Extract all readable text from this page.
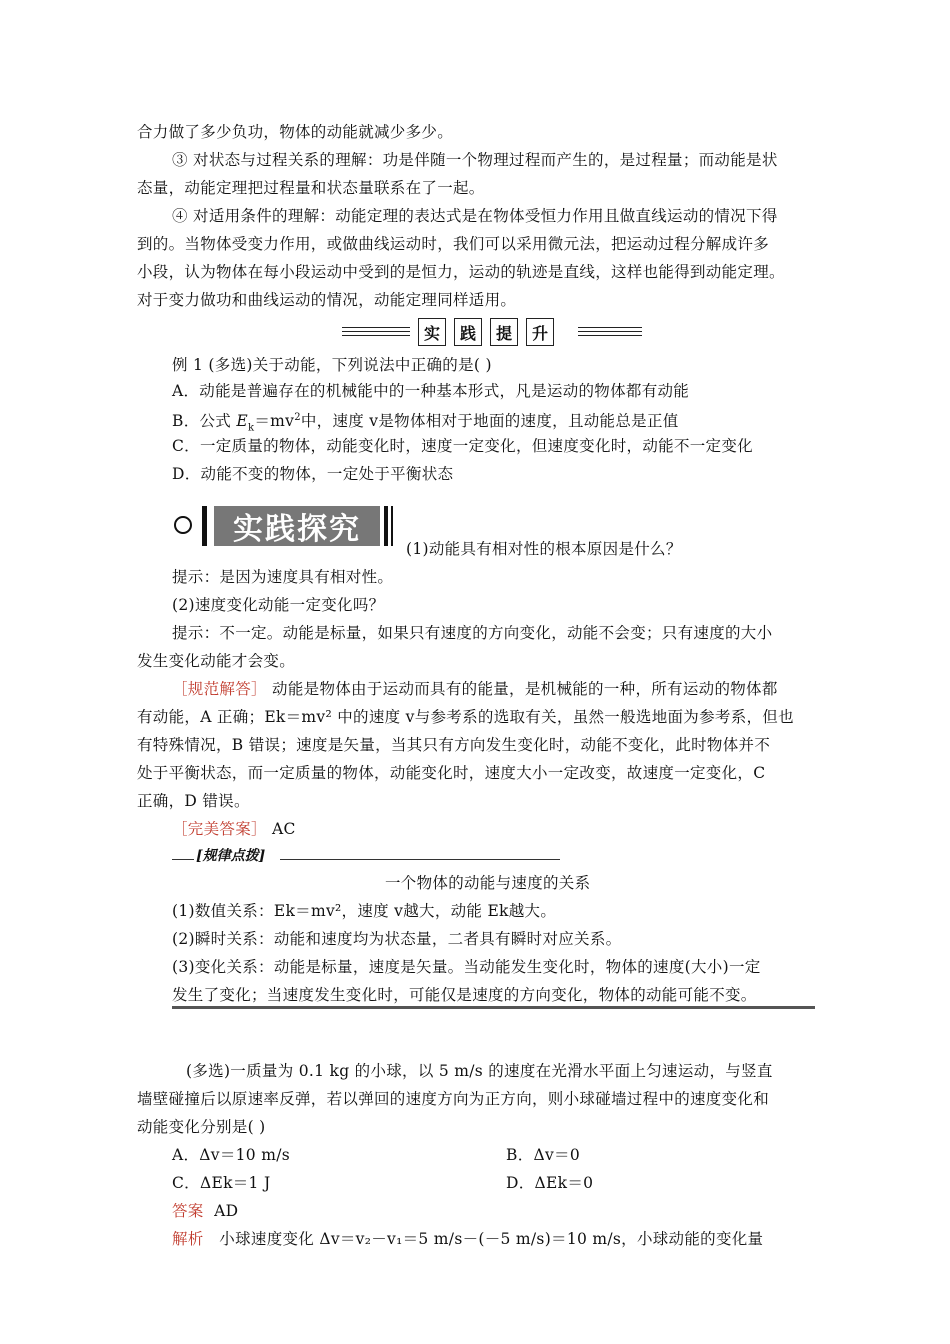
合力做了多少负功，物体的动能就减少多少。
③ 对状态与过程关系的理解：功是伴随一个物理过程而产生的，是过程量；而动能是状
态量，动能定理把过程量和状态量联系在了一起。
④ 对适用条件的理解：动能定理的表达式是在物体受恒力作用且做直线运动的情况下得
到的。当物体受变力作用，或做曲线运动时，我们可以采用微元法，把运动过程分解成许多
小段，认为物体在每小段运动中受到的是恒力，运动的轨迹是直线，这样也能得到动能定理。
对于变力做功和曲线运动的情况，动能定理同样适用。
实	践	提	升
例 1 (多选)关于动能，下列说法中正确的是( )
A．动能是普遍存在的机械能中的一种基本形式，凡是运动的物体都有动能
B．公式 $E_k=mv^2$中，速度 v是物体相对于地面的速度，且动能总是正值
C．一定质量的物体，动能变化时，速度一定变化，但速度变化时，动能不一定变化
D．动能不变的物体，一定处于平衡状态
实践探究
(1)动能具有相对性的根本原因是什么？
提示：是因为速度具有相对性。
(2)速度变化动能一定变化吗？
提示：不一定。动能是标量，如果只有速度的方向变化，动能不会变；只有速度的大小
发生变化动能才会变。
［规范解答］ 动能是物体由于运动而具有的能量，是机械能的一种，所有运动的物体都
有动能，A 正确；Ek＝mv² 中的速度 v与参考系的选取有关，虽然一般选地面为参考系，但也
有特殊情况，B 错误；速度是矢量，当其只有方向发生变化时，动能不变化，此时物体并不
处于平衡状态，而一定质量的物体，动能变化时，速度大小一定改变，故速度一定变化，C
正确，D 错误。
［完美答案］ AC
[规律点拨]
一个物体的动能与速度的关系
(1)数值关系：Ek＝mv²，速度 v越大，动能 Ek越大。
(2)瞬时关系：动能和速度均为状态量，二者具有瞬时对应关系。
(3)变化关系：动能是标量，速度是矢量。当动能发生变化时，物体的速度(大小)一定
发生了变化；当速度发生变化时，可能仅是速度的方向变化，物体的动能可能不变。
(多选)一质量为 0.1 kg 的小球，以 5 m/s 的速度在光滑水平面上匀速运动，与竖直
墙壁碰撞后以原速率反弹，若以弹回的速度方向为正方向，则小球碰墙过程中的速度变化和
动能变化分别是( )
A．Δv＝10 m/s	B．Δv＝0
C．ΔEk＝1 J	D．ΔEk＝0
答案 AD
解析 小球速度变化 Δv＝v₂－v₁＝5 m/s－(－5 m/s)＝10 m/s，小球动能的变化量
